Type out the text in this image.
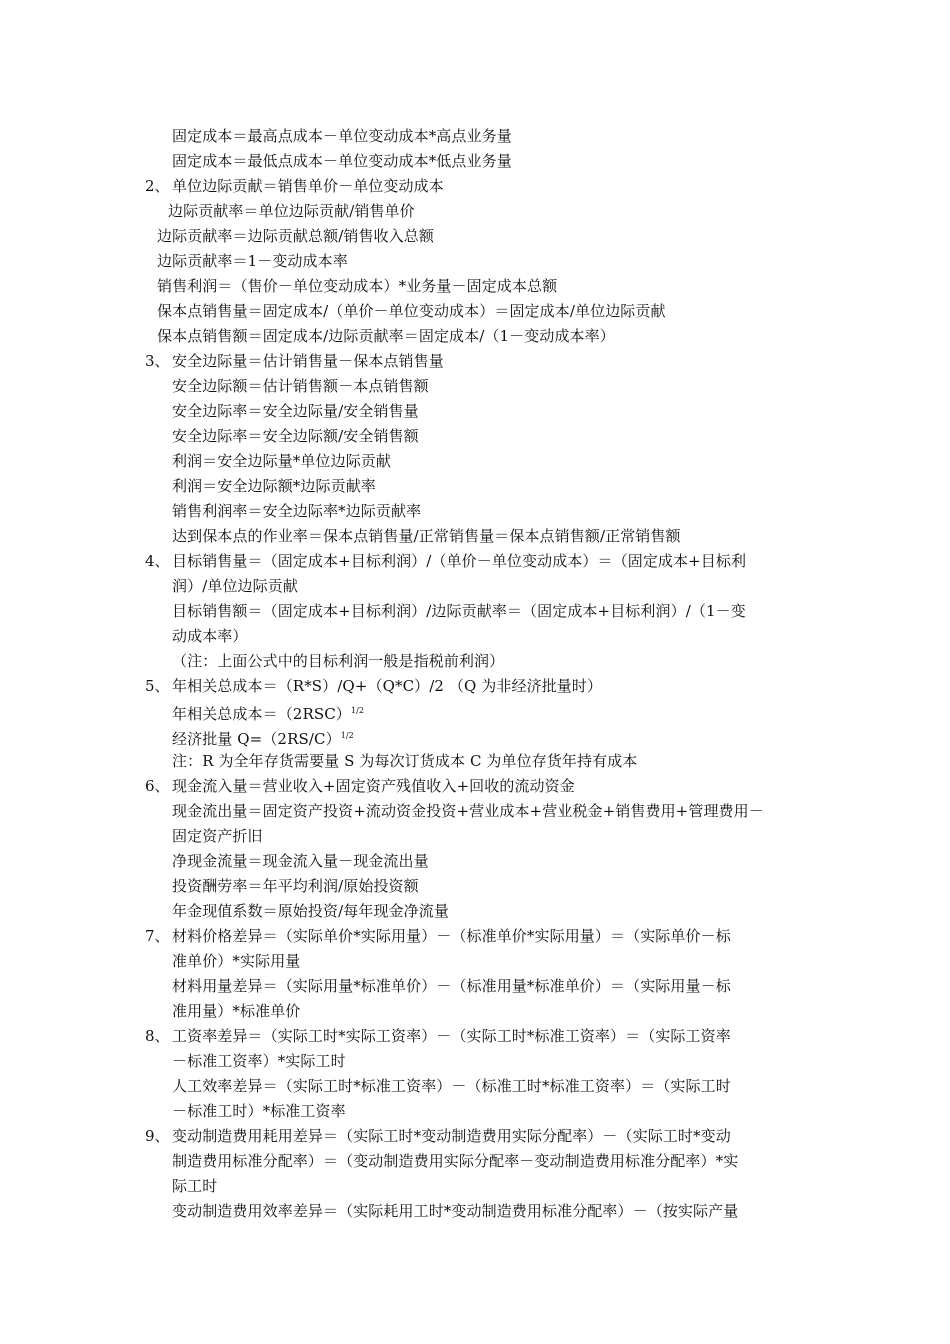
固定成本＝最高点成本－单位变动成本*高点业务量
固定成本＝最低点成本－单位变动成本*低点业务量
2、 单位边际贡献＝销售单价－单位变动成本
边际贡献率＝单位边际贡献/销售单价
边际贡献率＝边际贡献总额/销售收入总额
边际贡献率＝1－变动成本率
销售利润＝（售价－单位变动成本）*业务量－固定成本总额
保本点销售量＝固定成本/（单价－单位变动成本）＝固定成本/单位边际贡献
保本点销售额＝固定成本/边际贡献率＝固定成本/（1－变动成本率）
3、 安全边际量＝估计销售量－保本点销售量
安全边际额＝估计销售额－本点销售额
安全边际率＝安全边际量/安全销售量
安全边际率＝安全边际额/安全销售额
利润＝安全边际量*单位边际贡献
利润＝安全边际额*边际贡献率
销售利润率＝安全边际率*边际贡献率
达到保本点的作业率＝保本点销售量/正常销售量＝保本点销售额/正常销售额
4、 目标销售量＝（固定成本+目标利润）/（单价－单位变动成本）＝（固定成本+目标利
润）/单位边际贡献
目标销售额＝（固定成本+目标利润）/边际贡献率＝（固定成本+目标利润）/（1－变
动成本率）
（注：上面公式中的目标利润一般是指税前利润）
5、 年相关总成本＝（R*S）/Q+（Q*C）/2 （Q 为非经济批量时）
年相关总成本$=(2RSC)^{1/2}$
经济批量 $Q=(2RS/C)^{1/2}$
注：R 为全年存货需要量 S 为每次订货成本 C 为单位存货年持有成本
6、 现金流入量＝营业收入+固定资产残值收入+回收的流动资金
现金流出量＝固定资产投资+流动资金投资+营业成本+营业税金+销售费用+管理费用－
固定资产折旧
净现金流量＝现金流入量－现金流出量
投资酬劳率＝年平均利润/原始投资额
年金现值系数＝原始投资/每年现金净流量
7、 材料价格差异＝（实际单价*实际用量）－（标准单价*实际用量）＝（实际单价－标
准单价）*实际用量
材料用量差异＝（实际用量*标准单价）－（标准用量*标准单价）＝（实际用量－标
准用量）*标准单价
8、 工资率差异＝（实际工时*实际工资率）－（实际工时*标准工资率）＝（实际工资率
－标准工资率）*实际工时
人工效率差异＝（实际工时*标准工资率）－（标准工时*标准工资率）＝（实际工时
－标准工时）*标准工资率
9、 变动制造费用耗用差异＝（实际工时*变动制造费用实际分配率）－（实际工时*变动
制造费用标准分配率）＝（变动制造费用实际分配率－变动制造费用标准分配率）*实
际工时
变动制造费用效率差异＝（实际耗用工时*变动制造费用标准分配率）－（按实际产量
